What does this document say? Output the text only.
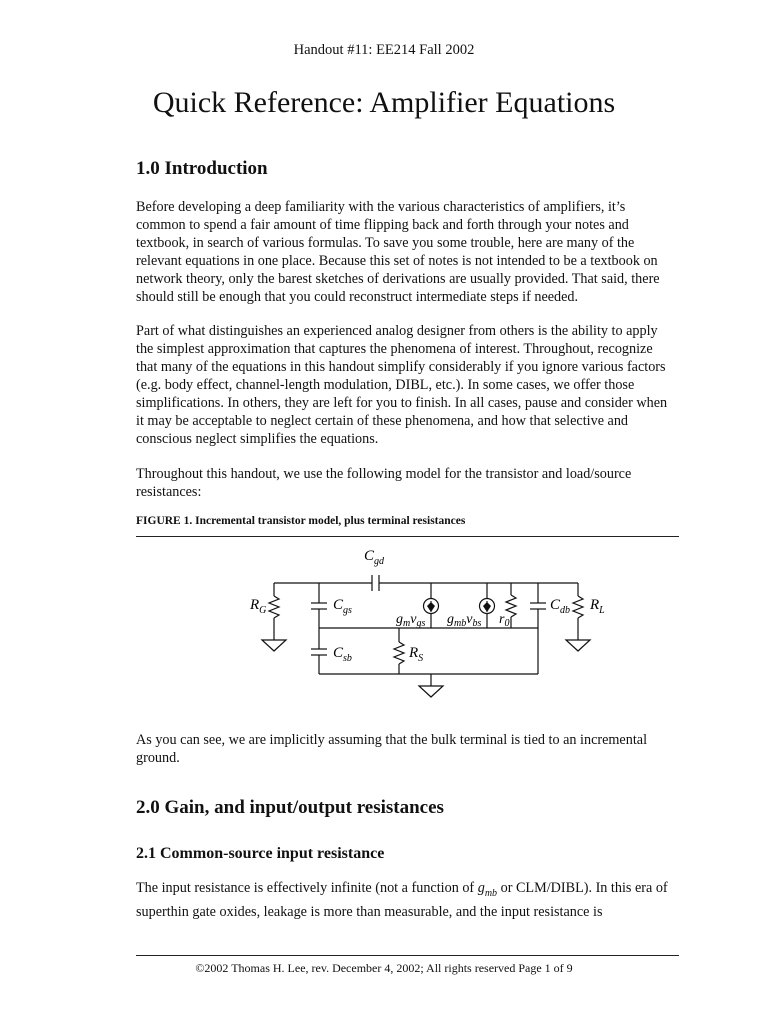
Handout #11: EE214 Fall 2002
Quick Reference: Amplifier Equations
1.0 Introduction
Before developing a deep familiarity with the various characteristics of amplifiers, it’s common to spend a fair amount of time flipping back and forth through your notes and textbook, in search of various formulas. To save you some trouble, here are many of the relevant equations in one place. Because this set of notes is not intended to be a textbook on network theory, only the barest sketches of derivations are usually provided. That said, there should still be enough that you could reconstruct intermediate steps if needed.
Part of what distinguishes an experienced analog designer from others is the ability to apply the simplest approximation that captures the phenomena of interest. Throughout, recognize that many of the equations in this handout simplify considerably if you ignore various factors (e.g. body effect, channel-length modulation, DIBL, etc.). In some cases, we offer those simplifications. In others, they are left for you to finish. In all cases, pause and consider when it may be acceptable to neglect certain of these phenomena, and how that selective and conscious neglect simplifies the equations.
Throughout this handout, we use the following model for the transistor and load/source resistances:
FIGURE 1. Incremental transistor model, plus terminal resistances
$C_{gd}$
$R_G$	$C_{gs}$
$g_mv_{gs}$ $g_{mb}v_{bs}$ $r_0$
$C_{db}$ $R_L$
$C_{sb}$	$R_S$
As you can see, we are implicitly assuming that the bulk terminal is tied to an incremental ground.
2.0 Gain, and input/output resistances
2.1 Common-source input resistance
The input resistance is effectively infinite (not a function of $g_{mb}$ or CLM/DIBL). In this era of superthin gate oxides, leakage is more than measurable, and the input resistance is
©2002 Thomas H. Lee, rev. December 4, 2002; All rights reserved Page 1 of 9
